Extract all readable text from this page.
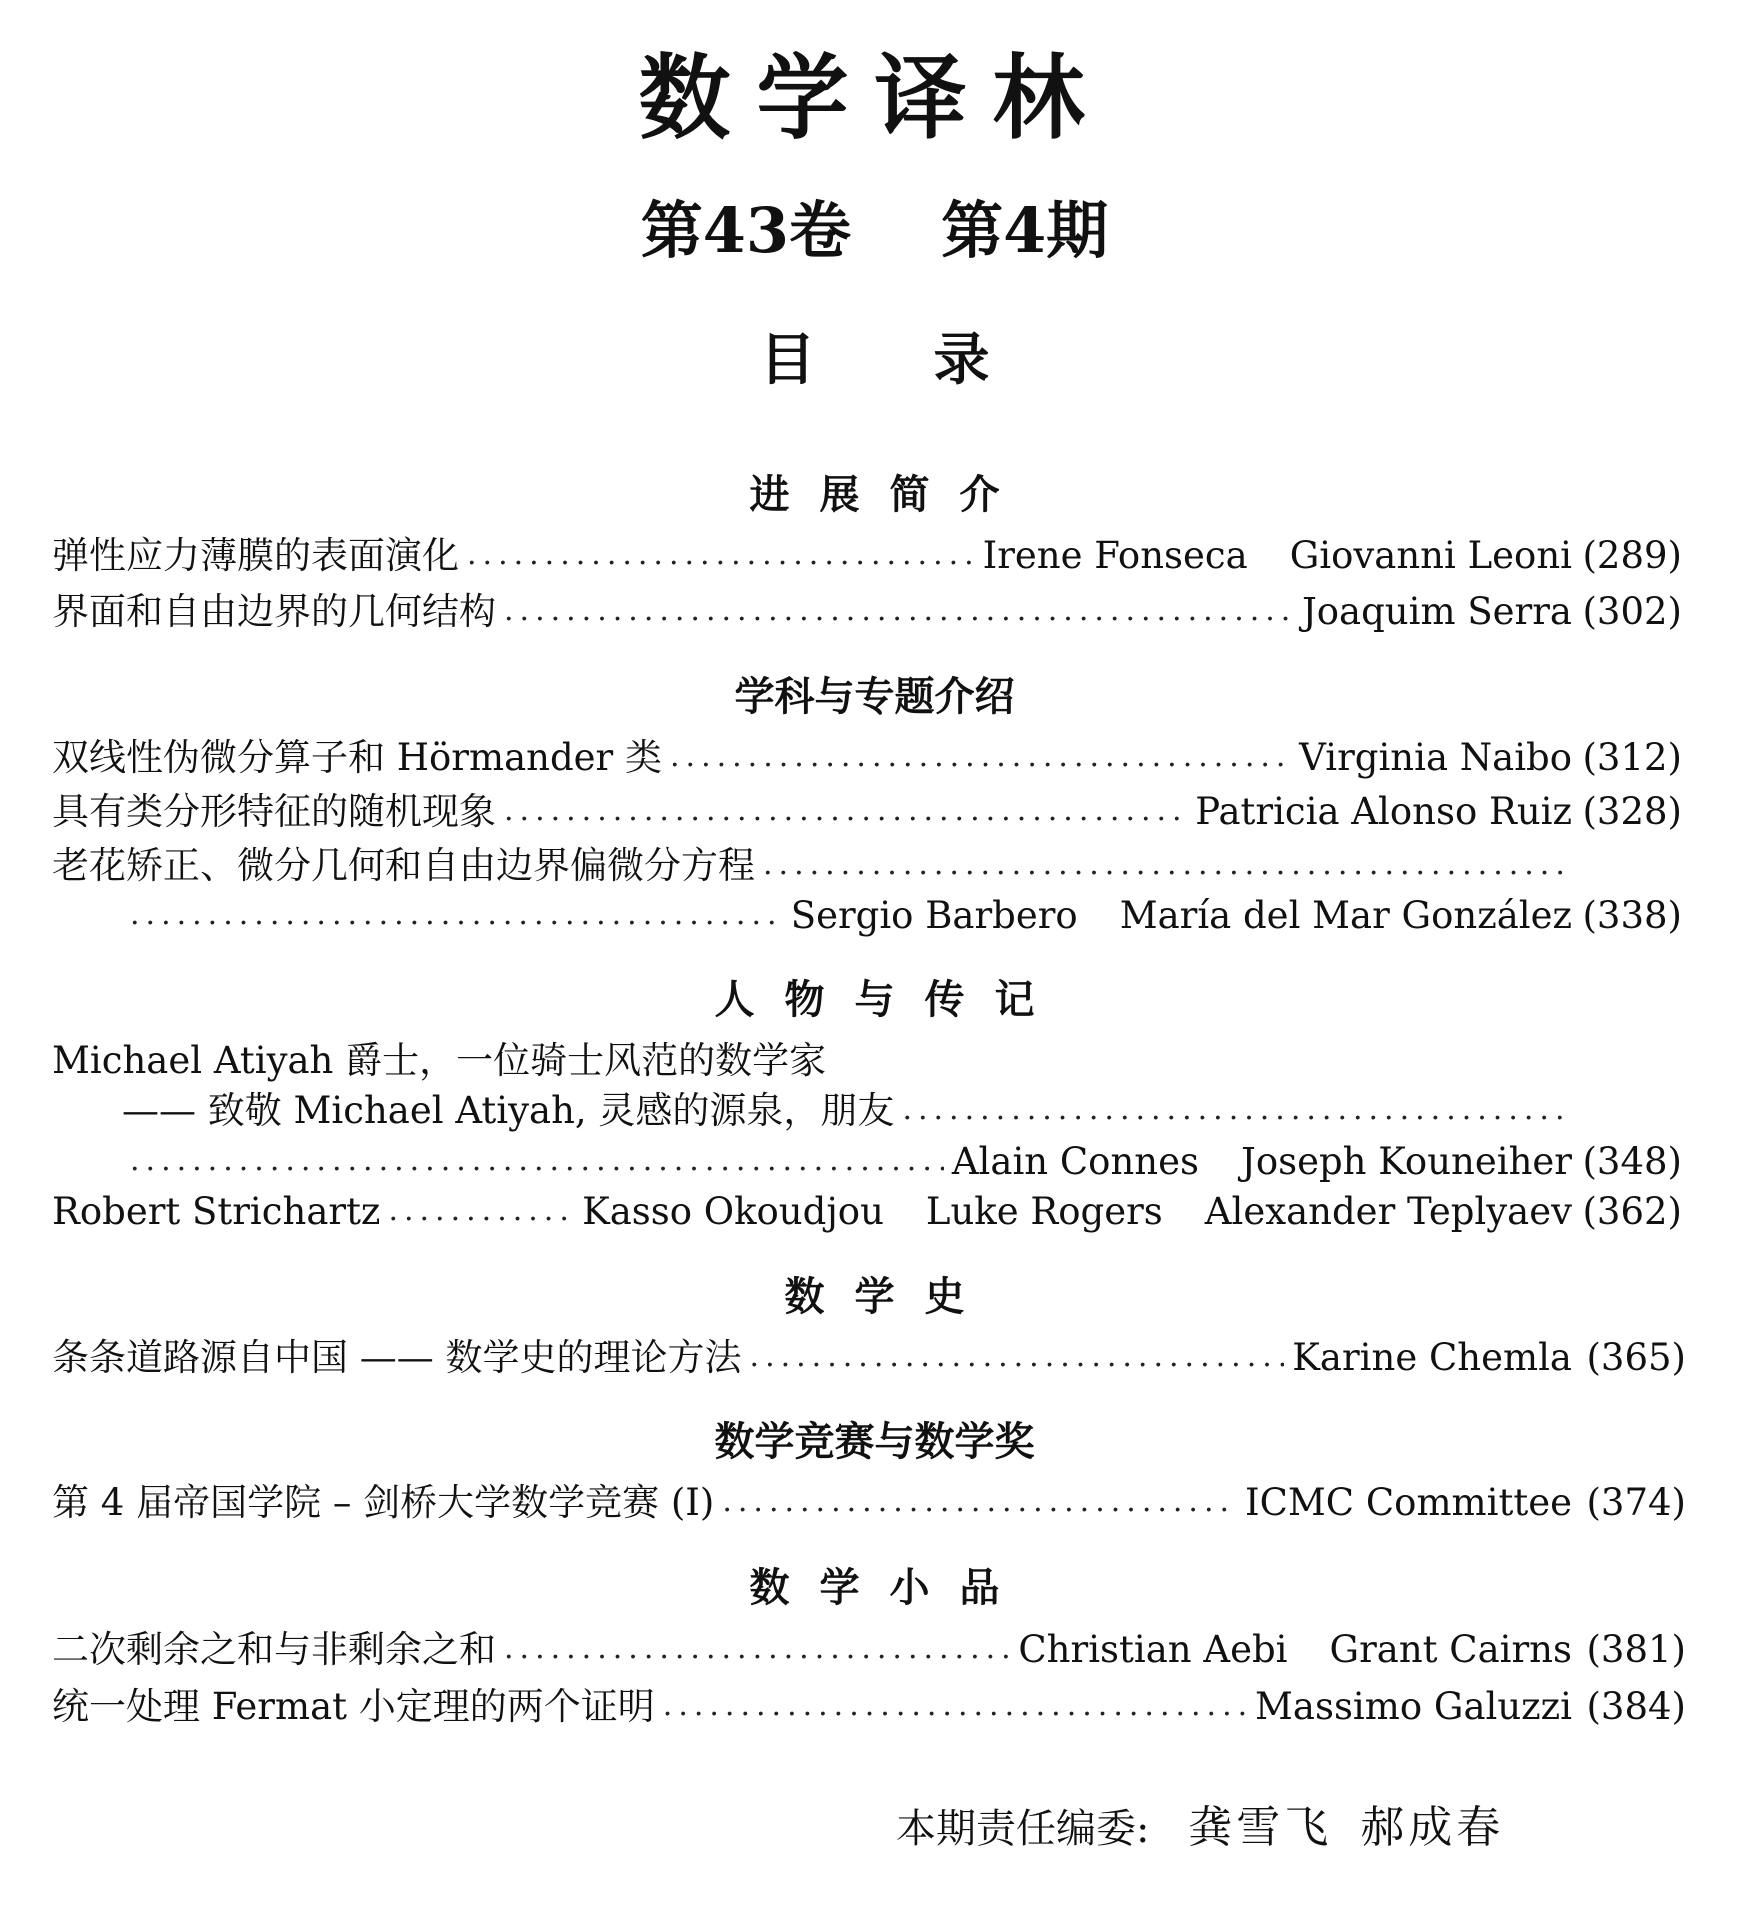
数学译林
第43卷 第4期
目录
进展简介
弹性应力薄膜的表面演化 .....	Irene Fonseca Giovanni Leoni (289)
界面和自由边界的几何结构 .....	Joaquim Serra (302)
学科与专题介绍
双线性伪微分算子和 Hörmander 类 .....	Virginia Naibo (312)
具有类分形特征的随机现象 .....	Patricia Alonso Ruiz (328)
老花矫正、微分几何和自由边界偏微分方程
.....
.....
Sergio Barbero María del Mar González (338)
人物与传记
Michael Atiyah 爵士，一位骑士风范的数学家
—— 致敬 Michael Atiyah, 灵感的源泉，朋友
.....
.....
Alain Connes Joseph Kouneiher (348)
Robert Strichartz .....	Kasso Okoudjou Luke Rogers Alexander Teplyaev (362)
数学史
条条道路源自中国 —— 数学史的理论方法 .....	Karine Chemla (365)
数学竞赛与数学奖
第 4 届帝国学院 – 剑桥大学数学竞赛 (I) .....	ICMC Committee (374)
数学小品
二次剩余之和与非剩余之和 .....	Christian Aebi Grant Cairns (381)
统一处理 Fermat 小定理的两个证明 .....	Massimo Galuzzi (384)
本期责任编委: 龚雪飞 郝成春
